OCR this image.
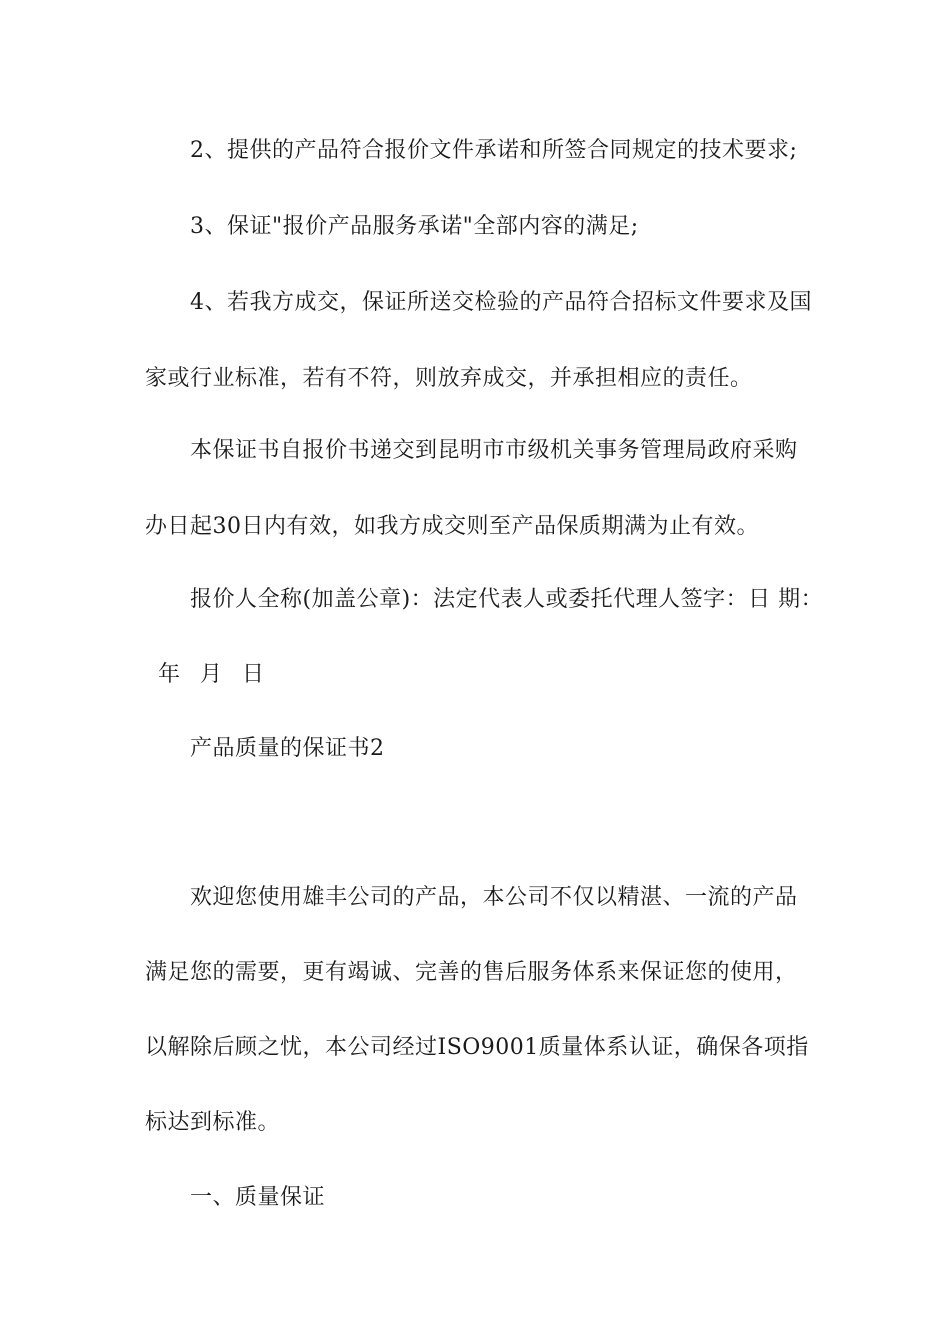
2、提供的产品符合报价文件承诺和所签合同规定的技术要求;
3、保证"报价产品服务承诺"全部内容的满足;
4、若我方成交，保证所送交检验的产品符合招标文件要求及国
家或行业标准，若有不符，则放弃成交，并承担相应的责任。
本保证书自报价书递交到昆明市市级机关事务管理局政府采购
办日起30日内有效，如我方成交则至产品保质期满为止有效。
报价人全称(加盖公章)：法定代表人或委托代理人签字：日 期：
年 月 日
产品质量的保证书2
欢迎您使用雄丰公司的产品，本公司不仅以精湛、一流的产品
满足您的需要，更有竭诚、完善的售后服务体系来保证您的使用，
以解除后顾之忧，本公司经过ISO9001质量体系认证，确保各项指
标达到标准。
一、质量保证
